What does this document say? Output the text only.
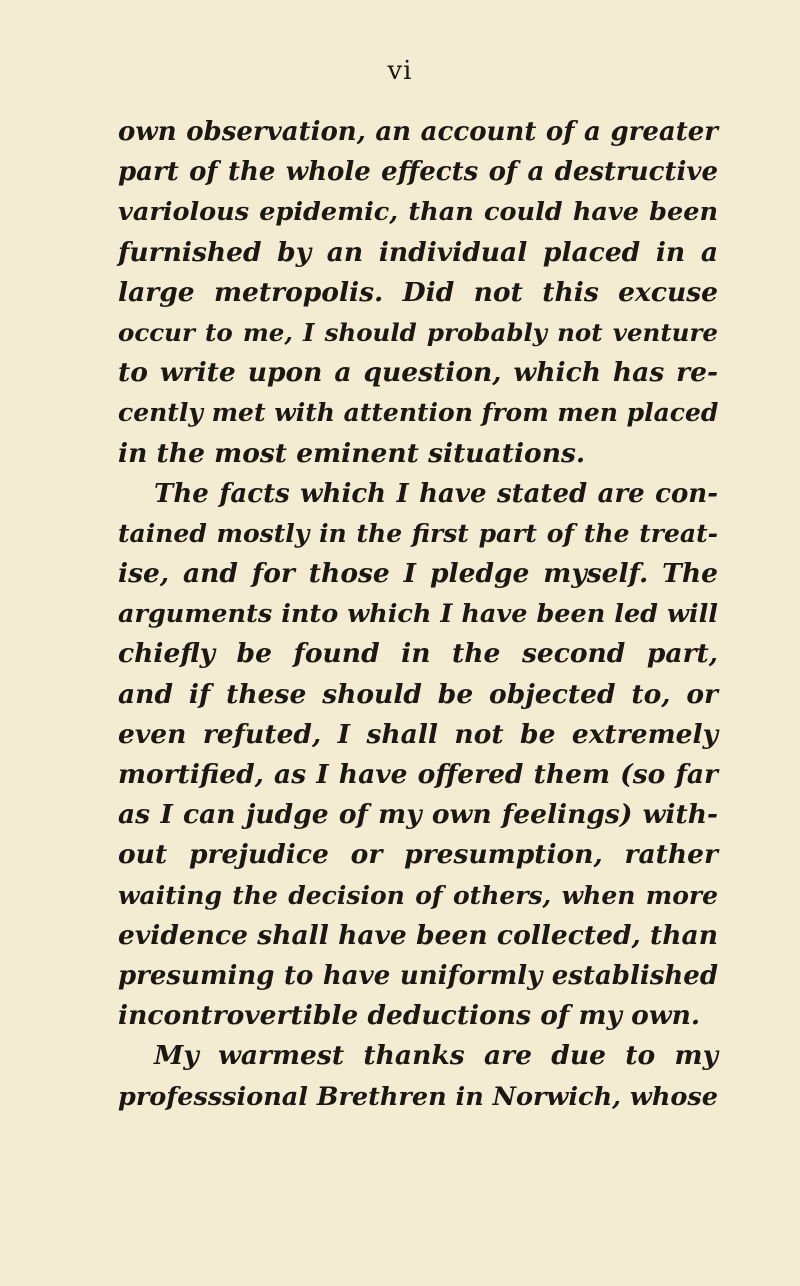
vi
own observation, an account of a greater
part of the whole effects of a destructive
variolous epidemic, than could have been
furnished by an individual placed in a
large metropolis. Did not this excuse
occur to me, I should probably not venture
to write upon a question, which has re-
cently met with attention from men placed
in the most eminent situations.
The facts which I have stated are con-
tained mostly in the first part of the treat-
ise, and for those I pledge myself. The
arguments into which I have been led will
chiefly be found in the second part,
and if these should be objected to, or
even refuted, I shall not be extremely
mortified, as I have offered them (so far
as I can judge of my own feelings) with-
out prejudice or presumption, rather
waiting the decision of others, when more
evidence shall have been collected, than
presuming to have uniformly established
incontrovertible deductions of my own.
My warmest thanks are due to my
professsional Brethren in Norwich, whose
